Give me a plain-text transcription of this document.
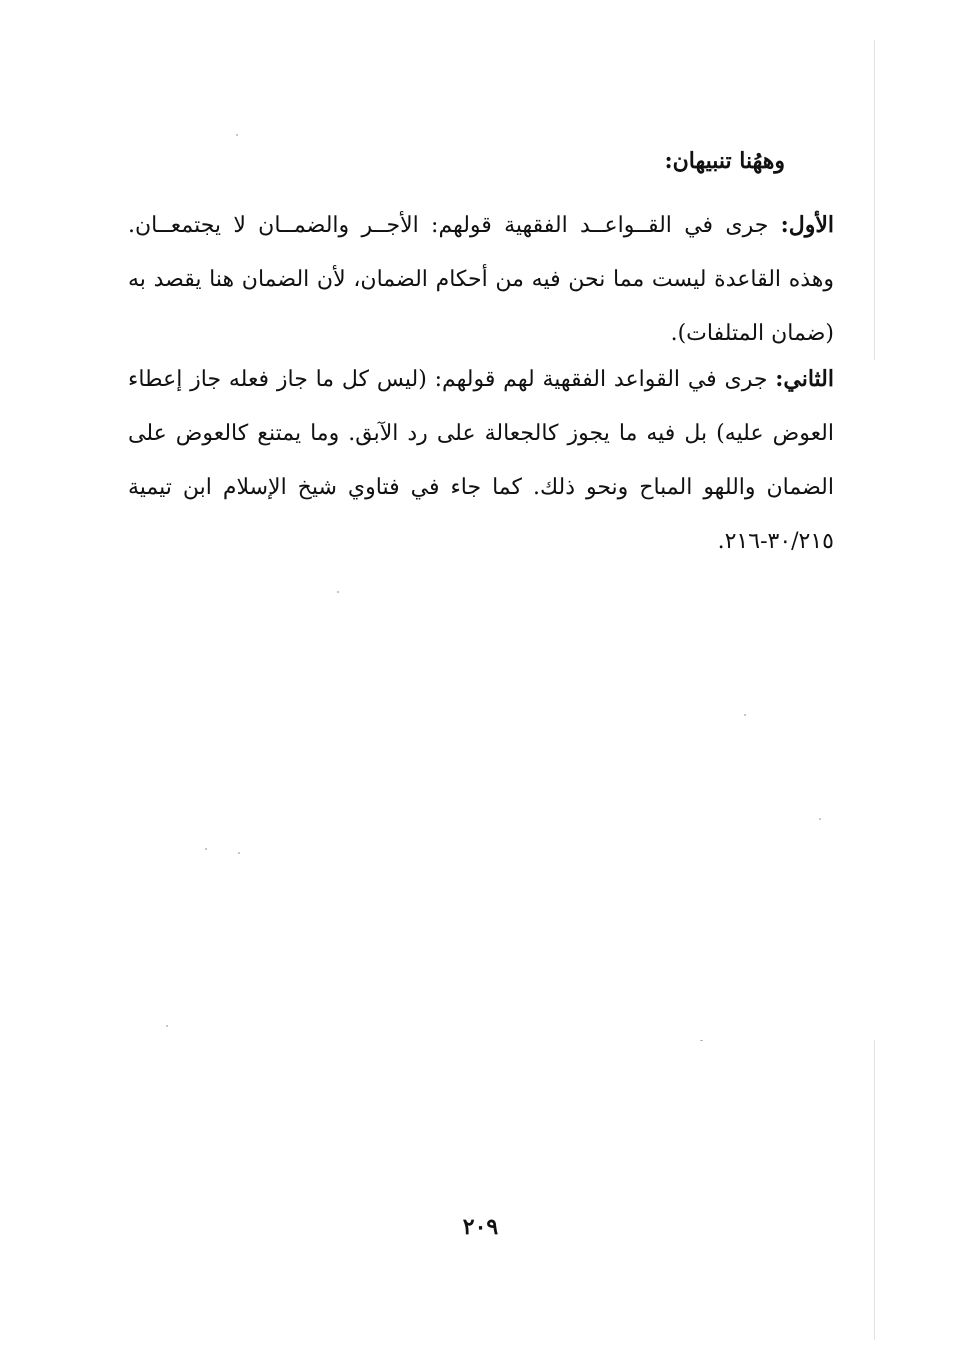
وههُنا تنبيهان:
الأول: جرى في القــواعــد الفقهية قولهم: الأجــر والضمــان لا يجتمعــان. وهذه القاعدة ليست مما نحن فيه من أحكام الضمان، لأن الضمان هنا يقصد به (ضمان المتلفات).
الثاني: جرى في القواعد الفقهية لهم قولهم: (ليس كل ما جاز فعله جاز إعطاء العوض عليه) بل فيه ما يجوز كالجعالة على رد الآبق. وما يمتنع كالعوض على الضمان واللهو المباح ونحو ذلك. كما جاء في فتاوي شيخ الإسلام ابن تيمية ٣٠/٢١٥-٢١٦.
٢٠٩
